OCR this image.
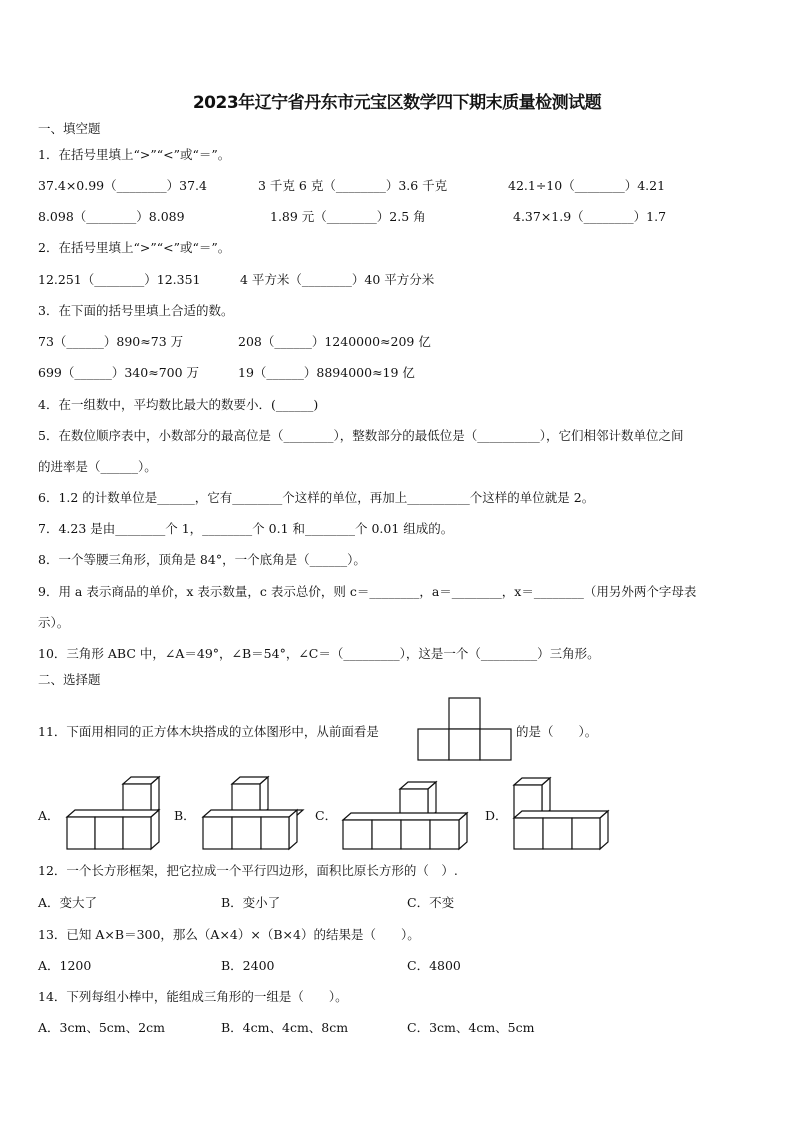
2023年辽宁省丹东市元宝区数学四下期末质量检测试题
一、填空题
1．在括号里填上“>”“<”或“＝”。
37.4×0.99（________）37.4	3 千克 6 克（________）3.6 千克	42.1÷10（________）4.21
8.098（________）8.089	1.89 元（________）2.5 角	4.37×1.9（________）1.7
2．在括号里填上“>”“<”或“＝”。
12.251（________）12.351	4 平方米（________）40 平方分米
3．在下面的括号里填上合适的数。
73（______）890≈73 万	208（______）1240000≈209 亿
699（______）340≈700 万	19（______）8894000≈19 亿
4．在一组数中，平均数比最大的数要小．(______)
5．在数位顺序表中，小数部分的最高位是（________），整数部分的最低位是（__________），它们相邻计数单位之间
的进率是（______）。
6．1.2 的计数单位是______，它有________个这样的单位，再加上__________个这样的单位就是 2。
7．4.23 是由________个 1，________个 0.1 和________个 0.01 组成的。
8．一个等腰三角形，顶角是 84°，一个底角是（______）。
9．用 a 表示商品的单价，x 表示数量，c 表示总价，则 c＝________，a＝________，x＝________（用另外两个字母表
示）。
10．三角形 ABC 中，∠A＝49°，∠B＝54°，∠C＝（_________），这是一个（_________）三角形。
二、选择题
11．下面用相同的正方体木块搭成的立体图形中，从前面看是	的是（　　）。
A．	B．	C．	D．
12．一个长方形框架，把它拉成一个平行四边形，面积比原长方形的（　）.
A．变大了	B．变小了	C．不变
13．已知 A×B＝300，那么（A×4）×（B×4）的结果是（　　）。
A．1200	B．2400	C．4800
14．下列每组小棒中，能组成三角形的一组是（　　）。
A．3cm、5cm、2cm	B．4cm、4cm、8cm	C．3cm、4cm、5cm
